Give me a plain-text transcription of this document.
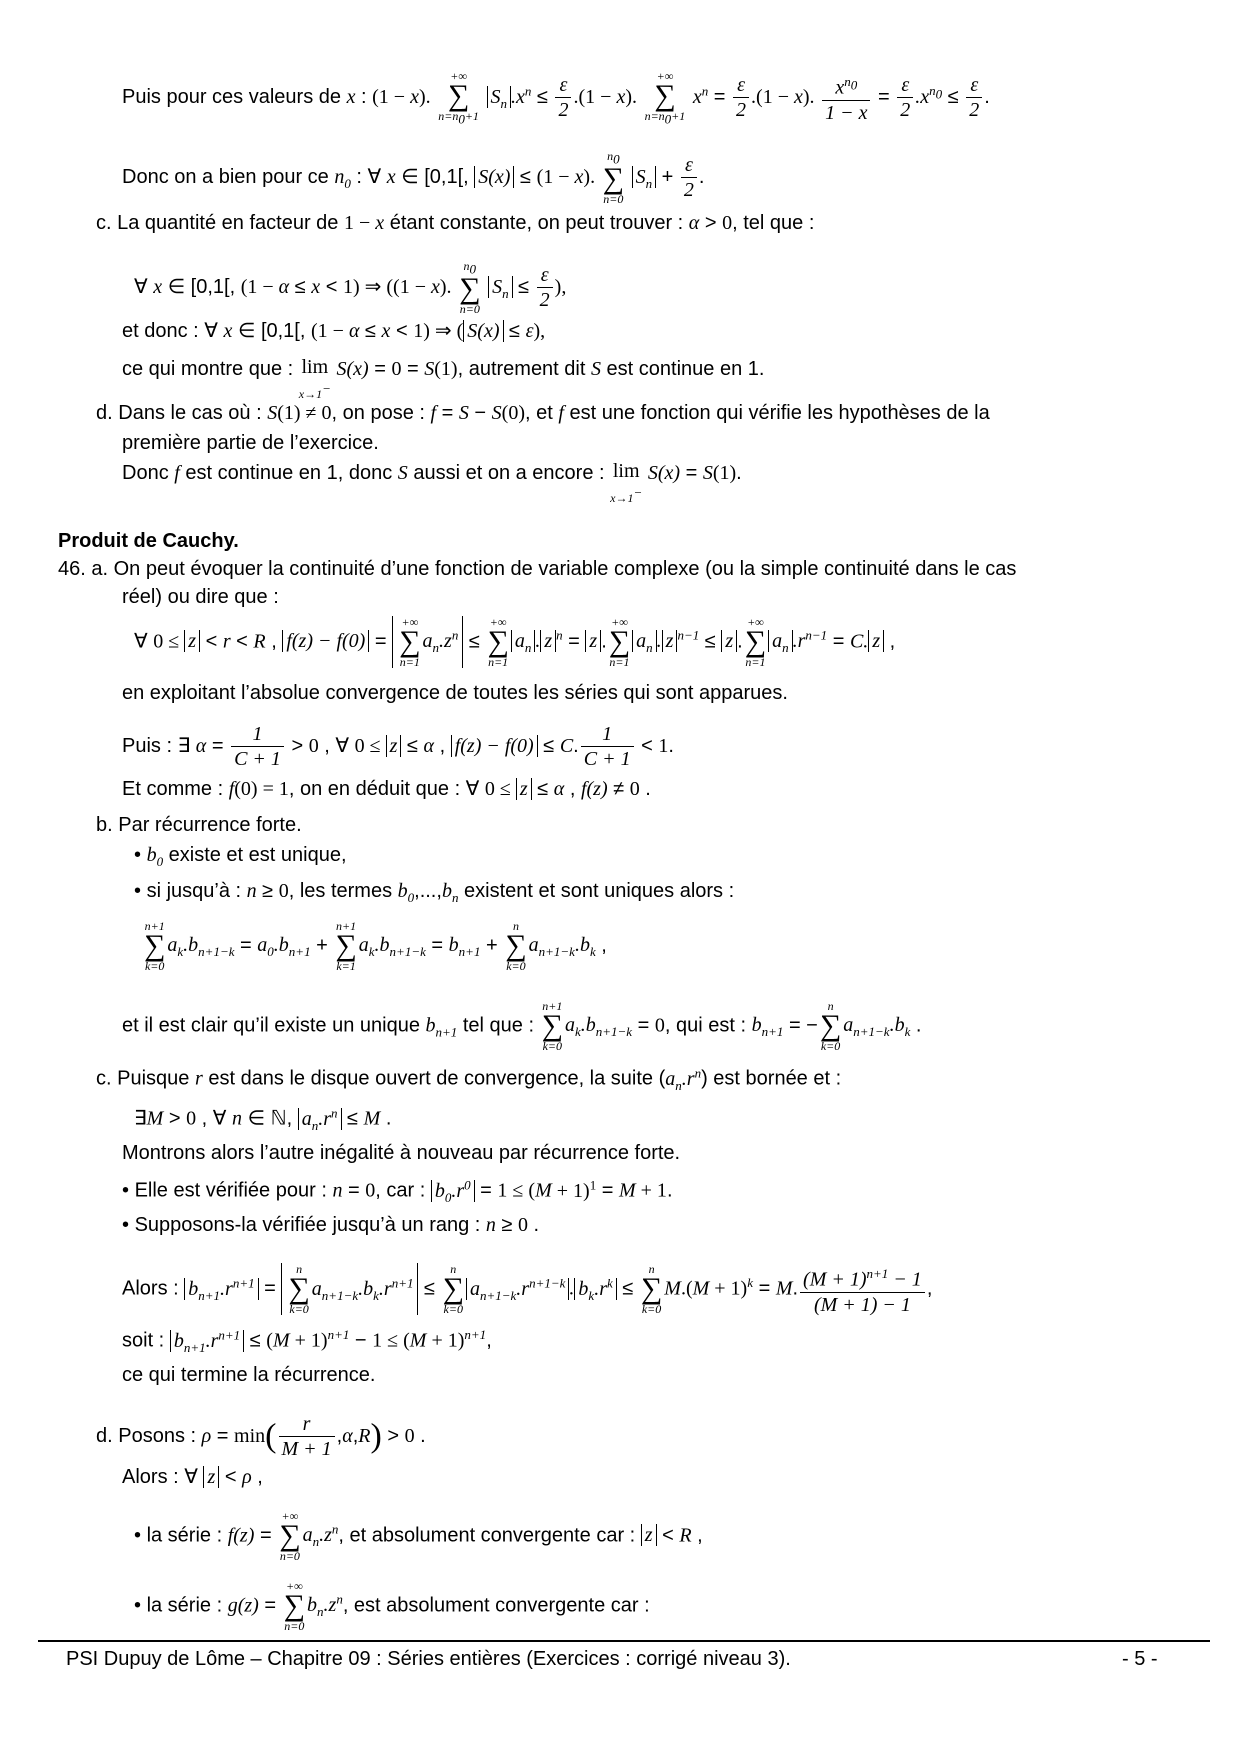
Puis pour ces valeurs de x : (1 − x).
+∞
∑
$n=n_0+1$
$S_n$ $.x^n \le \frac{\varepsilon}{2} .(1 - x)$.
+∞
∑
$n=n_0+1$
$x^n = \frac{\varepsilon}{2} .(1 - x)$. $\frac{x^{n_0}}{1 - x} = \frac{\varepsilon}{2} .x^{n_0} \le \frac{\varepsilon}{2}$ .
Donc on a bien pour ce $n_0$ : ∀ x ∈ [0,1[, S(x) ≤ (1 − x).
$n_0$
∑
n=0
$S_n + \frac{\varepsilon}{2}$ .
c. La quantité en facteur de 1 − x étant constante, on peut trouver : α > 0, tel que :
∀ x ∈ [0,1[, (1 − α ≤ x < 1) ⇒ ((1 − x).
$n_0$
∑
n=0
$S_n \le \frac{\varepsilon}{2}$ ),
et donc : ∀ x ∈ [0,1[, (1 − α ≤ x < 1) ⇒ ( S(x) ≤ ε),
ce qui montre que : lim
x→1− S(x) = 0 = S(1), autrement dit S est continue en 1.
d. Dans le cas où : S(1) ≠ 0, on pose : f = S − S(0), et f est une fonction qui vérifie les hypothèses de la
première partie de l’exercice.
Donc f est continue en 1, donc S aussi et on a encore : lim
x→1− S(x) = S(1).
Produit de Cauchy.
46. a. On peut évoquer la continuité d’une fonction de variable complexe (ou la simple continuité dans le cas
réel) ou dire que :
∀ 0 ≤ z < r < R , f(z) − f(0) =
+∞
∑
n=1
$a_n.z^n$ ≤
+∞
∑
n=1
$a_n$ . z $^n$ = z .
+∞
∑
n=1
$a_n$ . z $^{n-1}$ ≤ z .
+∞
∑
n=1
$a_n$ $.r^{n-1} = C$. z ,
en exploitant l’absolue convergence de toutes les séries qui sont apparues.
Puis : ∃ $\alpha = \frac{1}{C + 1} > 0$ , ∀ 0 ≤ z ≤ α , f(z) − f(0) ≤ C. $\frac{1}{C + 1} < 1$.
Et comme : f(0) = 1, on en déduit que : ∀ 0 ≤ z ≤ α , f(z) ≠ 0 .
b. Par récurrence forte.
• $b_0$ existe et est unique,
• si jusqu’à : n ≥ 0, les termes $b_0,...,b_n$ existent et sont uniques alors :
n+1
∑
k=0
$a_k.b_{n+1-k} = a_0.b_{n+1}$ +
n+1
∑
k=1
$a_k.b_{n+1-k} = b_{n+1}$ +
n
∑
k=0
$a_{n+1-k}.b_k$ ,
et il est clair qu’il existe un unique $b_{n+1}$ tel que :
n+1
∑
k=0
$a_k.b_{n+1-k} = 0$, qui est : $b_{n+1}$ = −
n
∑
k=0
$a_{n+1-k}.b_k$ .
c. Puisque r est dans le disque ouvert de convergence, la suite $(a_n.r^n)$ est bornée et :
∃M > 0 , ∀ n ∈ ℕ, $a_n.r^n \le M$ .
Montrons alors l’autre inégalité à nouveau par récurrence forte.
• Elle est vérifiée pour : n = 0, car : $b_0.r^0 = 1 \le (M + 1)^1 = M + 1$.
• Supposons-la vérifiée jusqu’à un rang : n ≥ 0 .
Alors : $b_{n+1}.r^{n+1}$ =
n
∑
k=0
$a_{n+1-k}.b_k.r^{n+1}$ ≤
n
∑
k=0
$a_{n+1-k}.r^{n+1-k}$ . $b_k.r^k$ ≤
n
∑
k=0
$M.(M + 1)^k = M$. $\frac{(M + 1)^{n+1} - 1}{(M + 1) - 1}$ ,
soit : $b_{n+1}.r^{n+1} \le (M + 1)^{n+1} - 1 \le (M + 1)^{n+1}$,
ce qui termine la récurrence.
d. Posons : $\rho = \min( \frac{r}{M + 1} ,\alpha,R) > 0$ .
Alors : ∀ z < ρ ,
• la série : f(z) =
+∞
∑
n=0
$a_n.z^n$, et absolument convergente car : z < R ,
• la série : g(z) =
+∞
∑
n=0
$b_n.z^n$, est absolument convergente car :
PSI Dupuy de Lôme – Chapitre 09 : Séries entières (Exercices : corrigé niveau 3).	- 5 -
